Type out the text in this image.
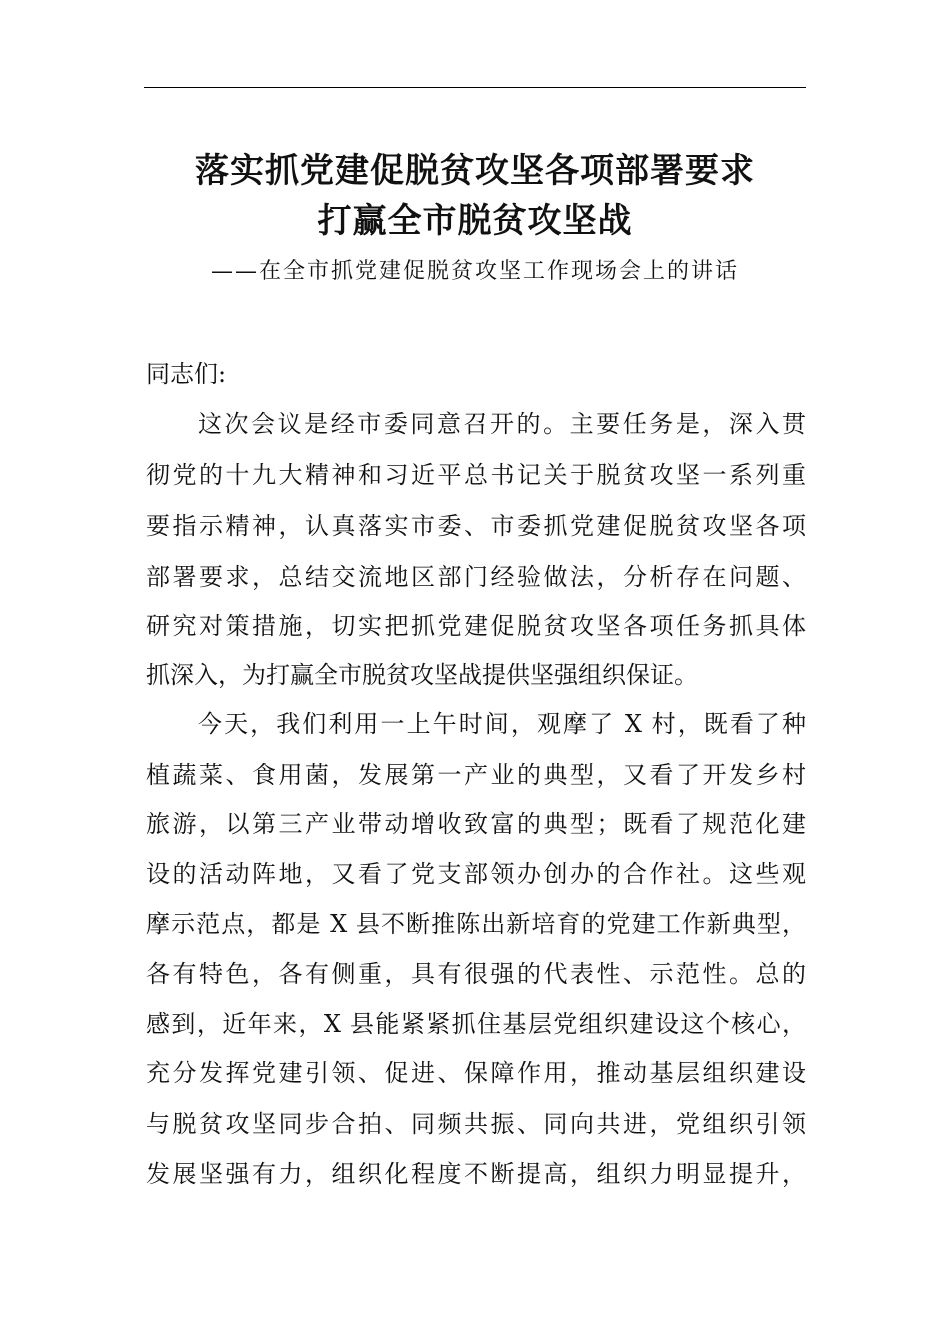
落实抓党建促脱贫攻坚各项部署要求
打赢全市脱贫攻坚战
——在全市抓党建促脱贫攻坚工作现场会上的讲话
同志们:
这次会议是经市委同意召开的。主要任务是，深入贯
彻党的十九大精神和习近平总书记关于脱贫攻坚一系列重
要指示精神，认真落实市委、市委抓党建促脱贫攻坚各项
部署要求，总结交流地区部门经验做法，分析存在问题、
研究对策措施，切实把抓党建促脱贫攻坚各项任务抓具体
抓深入，为打赢全市脱贫攻坚战提供坚强组织保证。
今天，我们利用一上午时间，观摩了 X 村，既看了种
植蔬菜、食用菌，发展第一产业的典型，又看了开发乡村
旅游，以第三产业带动增收致富的典型；既看了规范化建
设的活动阵地，又看了党支部领办创办的合作社。这些观
摩示范点，都是 X 县不断推陈出新培育的党建工作新典型，
各有特色，各有侧重，具有很强的代表性、示范性。总的
感到，近年来，X 县能紧紧抓住基层党组织建设这个核心，
充分发挥党建引领、促进、保障作用，推动基层组织建设
与脱贫攻坚同步合拍、同频共振、同向共进，党组织引领
发展坚强有力，组织化程度不断提高，组织力明显提升，
